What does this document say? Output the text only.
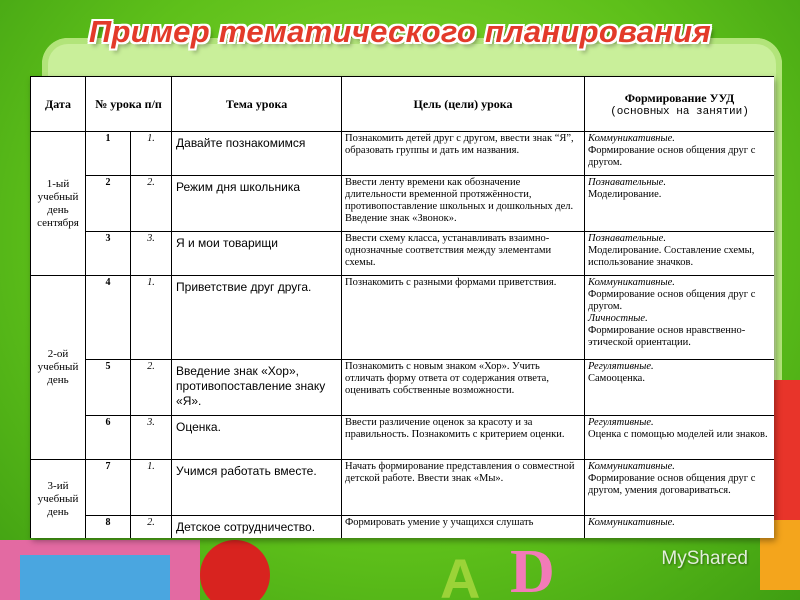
A D
Пример тематического планирования
Дата	№ урока п/п		Тема урока	Цель (цели) урока	Формирование УУД
(основных на занятии)

1-ый учебный день сентября	1	1.	Давайте познакомимся	Познакомить детей друг с другом, ввести знак “Я”, образовать группы и дать им названия.	Коммуникативные.
Формирование основ общения друг с другом.
	2	2.	Режим дня школьника	Ввести ленту времени как обозначение длительности временной протяжённости, противопоставление школьных и дошкольных дел. Введение знак «Звонок».	Познавательные.
Моделирование.
	3	3.	Я и мои товарищи	Ввести схему класса, устанавливать взаимно-однозначные соответствия между элементами схемы.	Познавательные.
Моделирование. Составление схемы, использование значков.
2-ой учебный день	4	1.	Приветствие друг друга.	Познакомить с разными формами приветствия.	Коммуникативные.
Формирование основ общения друг с другом.
Личностные.
Формирование основ нравственно-этической ориентации.
	5	2.	Введение знак «Хор», противопоставление знаку «Я».	Познакомить с новым знаком «Хор». Учить отличать форму ответа от содержания ответа, оценивать собственные возможности.	Регулятивные.
Самооценка.
	6	3.	Оценка.	Ввести различение оценок за красоту и за правильность. Познакомить с критерием оценки.	Регулятивные.
Оценка с помощью моделей или знаков.
3-ий учебный день	7	1.	Учимся работать вместе.	Начать формирование представления о совместной детской работе. Ввести знак «Мы».	Коммуникативные.
Формирование основ общения друг с другом, умения договариваться.
	8	2.	Детское сотрудничество.	Формировать умение у учащихся слушать	Коммуникативные.
MyShared
